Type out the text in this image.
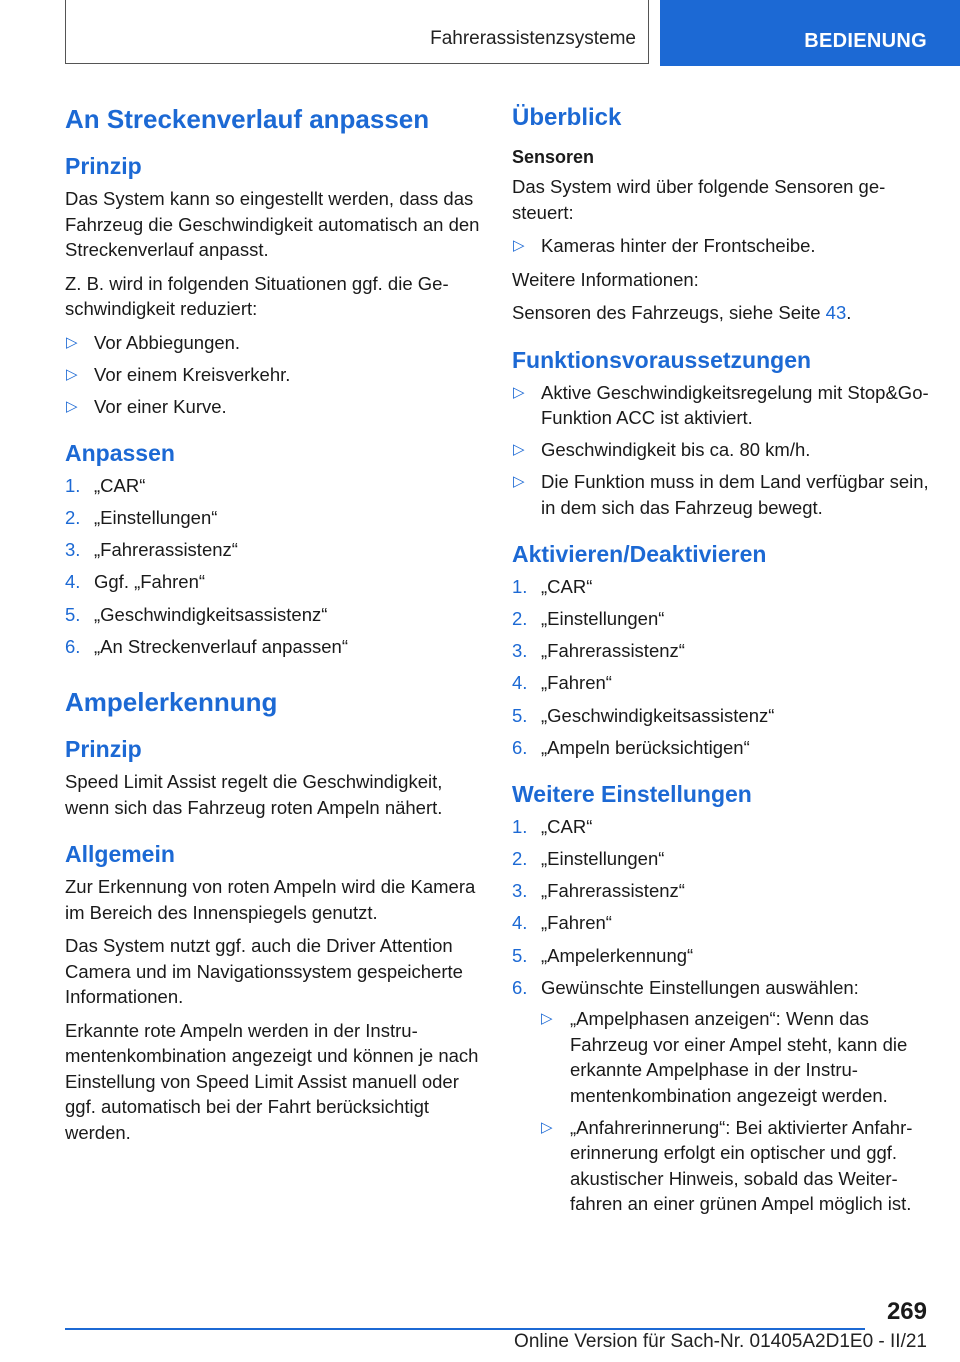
Fahrerassistenzsysteme	BEDIENUNG
An Streckenverlauf anpassen
Prinzip

Das System kann so eingestellt werden, dass das Fahrzeug die Geschwindigkeit automatisch an den Streckenverlauf anpasst.

Z. B. wird in folgenden Situationen ggf. die Geschwindigkeit reduziert:

▷ Vor Abbiegungen.
▷ Vor einem Kreisverkehr.
▷ Vor einer Kurve.
Anpassen
1. „CAR“
2. „Einstellungen“
3. „Fahrerassistenz“
4. Ggf. „Fahren“
5. „Geschwindigkeitsassistenz“
6. „An Streckenverlauf anpassen“
Ampelerkennung
Prinzip

Speed Limit Assist regelt die Geschwindigkeit, wenn sich das Fahrzeug roten Ampeln nähert.

Allgemein

Zur Erkennung von roten Ampeln wird die Kamera im Bereich des Innenspiegels genutzt.

Das System nutzt ggf. auch die Driver Attention Camera und im Navigationssystem gespeicherte Informationen.

Erkannte rote Ampeln werden in der Instrumentenkombination angezeigt und können je nach Einstellung von Speed Limit Assist manuell oder ggf. automatisch bei der Fahrt berücksichtigt werden.

Überblick
Sensoren

Das System wird über folgende Sensoren gesteuert:

▷ Kameras hinter der Frontscheibe.

Weitere Informationen:

Sensoren des Fahrzeugs, siehe Seite 43.

Funktionsvoraussetzungen
▷ Aktive Geschwindigkeitsregelung mit Stop&Go-Funktion ACC ist aktiviert.
▷ Geschwindigkeit bis ca. 80 km/h.
▷ Die Funktion muss in dem Land verfügbar sein, in dem sich das Fahrzeug bewegt.
Aktivieren/Deaktivieren
1. „CAR“
2. „Einstellungen“
3. „Fahrerassistenz“
4. „Fahren“
5. „Geschwindigkeitsassistenz“
6. „Ampeln berücksichtigen“
Weitere Einstellungen
1. „CAR“
2. „Einstellungen“
3. „Fahrerassistenz“
4. „Fahren“
5. „Ampelerkennung“
6. Gewünschte Einstellungen auswählen:
▷ „Ampelphasen anzeigen“: Wenn das Fahrzeug vor einer Ampel steht, kann die erkannte Ampelphase in der Instrumentenkombination angezeigt werden.
▷ „Anfahrerinnerung“: Bei aktivierter Anfahrerinnerung erfolgt ein optischer und ggf. akustischer Hinweis, sobald das Weiterfahren an einer grünen Ampel möglich ist.
269
Online Version für Sach-Nr. 01405A2D1E0 - II/21
